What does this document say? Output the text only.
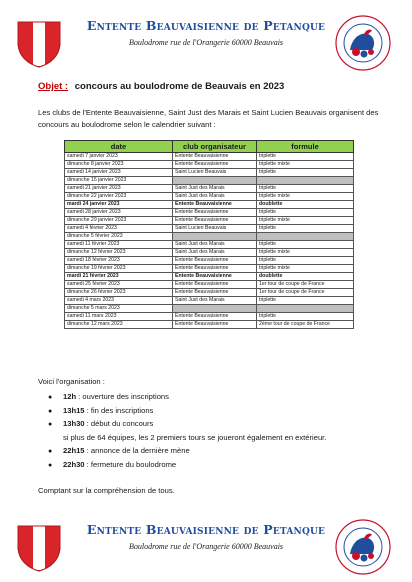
Entente Beauvaisienne de Petanque
Boulodrome rue de l'Orangerie 60000 Beauvais
Objet : concours au boulodrome de Beauvais en 2023
Les clubs de l'Entente Beauvaisienne, Saint Just des Marais et Saint Lucien Beauvais organisent des concours au boulodrome selon le calendrier suivant :
date	club organisateur	formule
samedi 7 janvier 2023	Entente Beauvaisienne	triplette
dimanche 8 janvier 2023	Entente Beauvaisienne	triplette mixte
samedi 14 janvier 2023	Saint Lucien Beauvais	triplette
dimanche 15 janvier 2023		
samedi 21 janvier 2023	Saint Just des Marais	triplette
dimanche 22 janvier 2023	Saint Just des Marais	triplette mixte
mardi 24 janvier 2023	Entente Beauvaisienne	doublette
samedi 28 janvier 2023	Entente Beauvaisienne	triplette
dimanche 29 janvier 2023	Entente Beauvaisienne	triplette mixte
samedi 4 février 2023	Saint Lucien Beauvais	triplette
dimanche 5 février 2023		
samedi 11 février 2023	Saint Just des Marais	triplette
dimanche 12 février 2023	Saint Just des Marais	triplette mixte
samedi 18 février 2023	Entente Beauvaisienne	triplette
dimanche 19 février 2023	Entente Beauvaisienne	triplette mixte
mardi 21 février 2023	Entente Beauvaisienne	doublette
samedi 25 février 2023	Entente Beauvaisienne	1er tour de coupe de France
dimanche 26 février 2023	Entente Beauvaisienne	1er tour de coupe de France
samedi 4 mars 2023	Saint Just des Marais	triplette
dimanche 5 mars 2023		
samedi 11 mars 2023	Entente Beauvaisienne	triplette
dimanche 12 mars 2023	Entente Beauvaisienne	2ème tour de coupe de France
Voici l'organisation :
● 12h : ouverture des inscriptions
● 13h15 : fin des inscriptions
● 13h30 : début du concours
si plus de 64 équipes, les 2 premiers tours se joueront également en extérieur.
● 22h15 : annonce de la dernière mène
● 22h30 : fermeture du boulodrome
Comptant sur la compréhension de tous.
Entente Beauvaisienne de Petanque
Boulodrome rue de l'Orangerie 60000 Beauvais
